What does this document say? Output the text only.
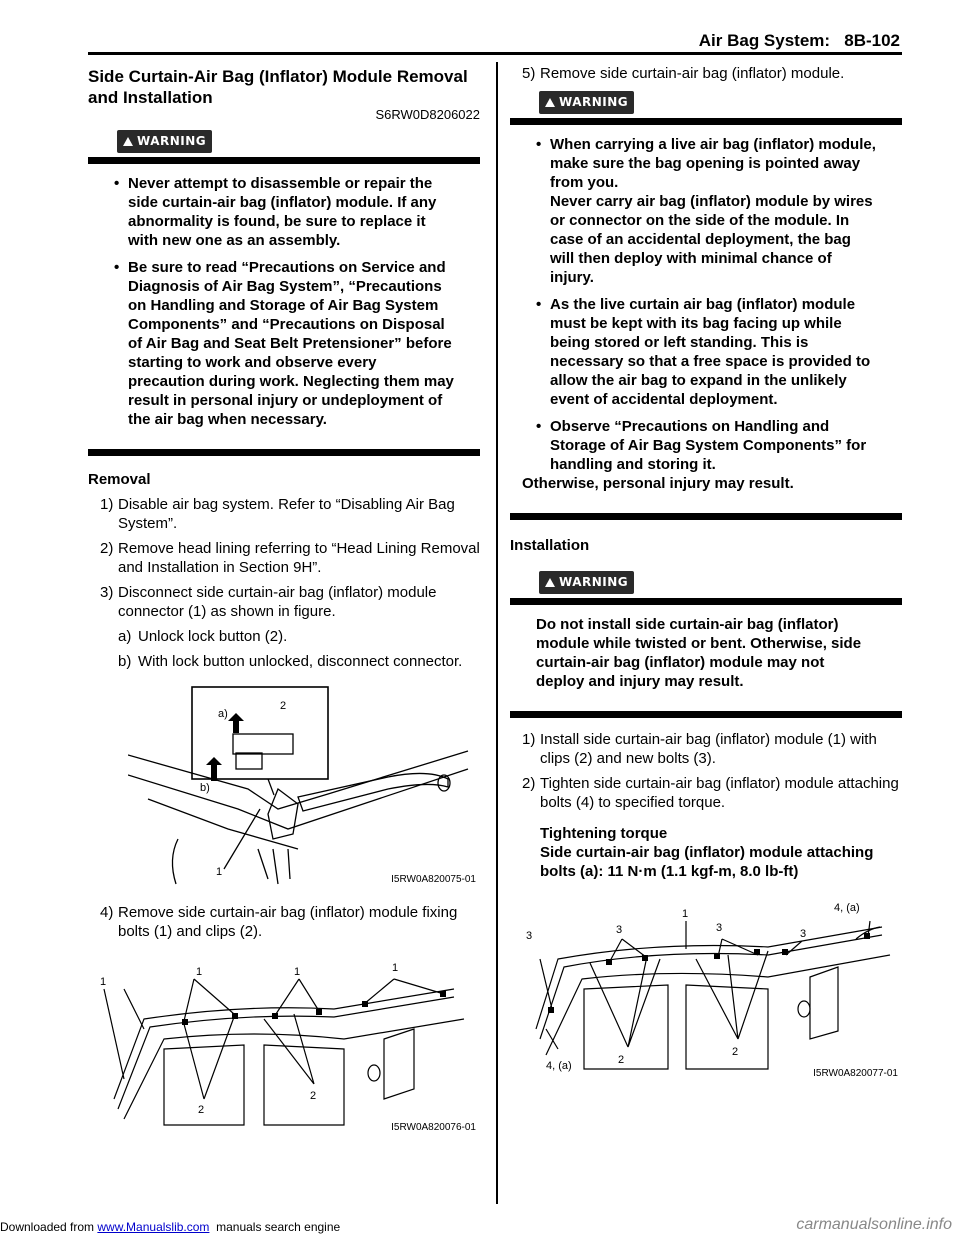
Air Bag System:   8B-102
Side Curtain-Air Bag (Inflator) Module Removal and Installation
S6RW0D8206022
WARNING
• Never attempt to disassemble or repair the side curtain-air bag (inflator) module. If any abnormality is found, be sure to replace it with new one as an assembly.
• Be sure to read “Precautions on Service and Diagnosis of Air Bag System”, “Precautions on Handling and Storage of Air Bag System Components” and “Precautions on Disposal of Air Bag and Seat Belt Pretensioner” before starting to work and observe every precaution during work. Neglecting them may result in personal injury or undeployment of the air bag when necessary.
Removal
1) Disable air bag system. Refer to “Disabling Air Bag System”.
2) Remove head lining referring to “Head Lining Removal and Installation in Section 9H”.
3) Disconnect side curtain-air bag (inflator) module connector (1) as shown in figure.
a) Unlock lock button (2).
b) With lock button unlocked, disconnect connector.
a)
2
b)
1
I5RW0A820075-01
4) Remove side curtain-air bag (inflator) module fixing bolts (1) and clips (2).
1
1	1	1
2
2
I5RW0A820076-01
5) Remove side curtain-air bag (inflator) module.
WARNING
• When carrying a live air bag (inflator) module, make sure the bag opening is pointed away from you.
Never carry air bag (inflator) module by wires or connector on the side of the module. In case of an accidental deployment, the bag will then deploy with minimal chance of injury.
• As the live curtain air bag (inflator) module must be kept with its bag facing up while being stored or left standing. This is necessary so that a free space is provided to allow the air bag to expand in the unlikely event of accidental deployment.
• Observe “Precautions on Handling and Storage of Air Bag System Components” for handling and storing it.
Otherwise, personal injury may result.
Installation
WARNING
Do not install side curtain-air bag (inflator) module while twisted or bent. Otherwise, side curtain-air bag (inflator) module may not deploy and injury may result.
1) Install side curtain-air bag (inflator) module (1) with clips (2) and new bolts (3).
2) Tighten side curtain-air bag (inflator) module attaching bolts (4) to specified torque.
Tightening torque
Side curtain-air bag (inflator) module attaching bolts (a): 11 N·m (1.1 kgf-m, 8.0 lb-ft)
3	3
1
3	3
4, (a)
4, (a)	2
2
I5RW0A820077-01
Downloaded from www.Manualslib.com  manuals search engine	carmanualsonline.info
